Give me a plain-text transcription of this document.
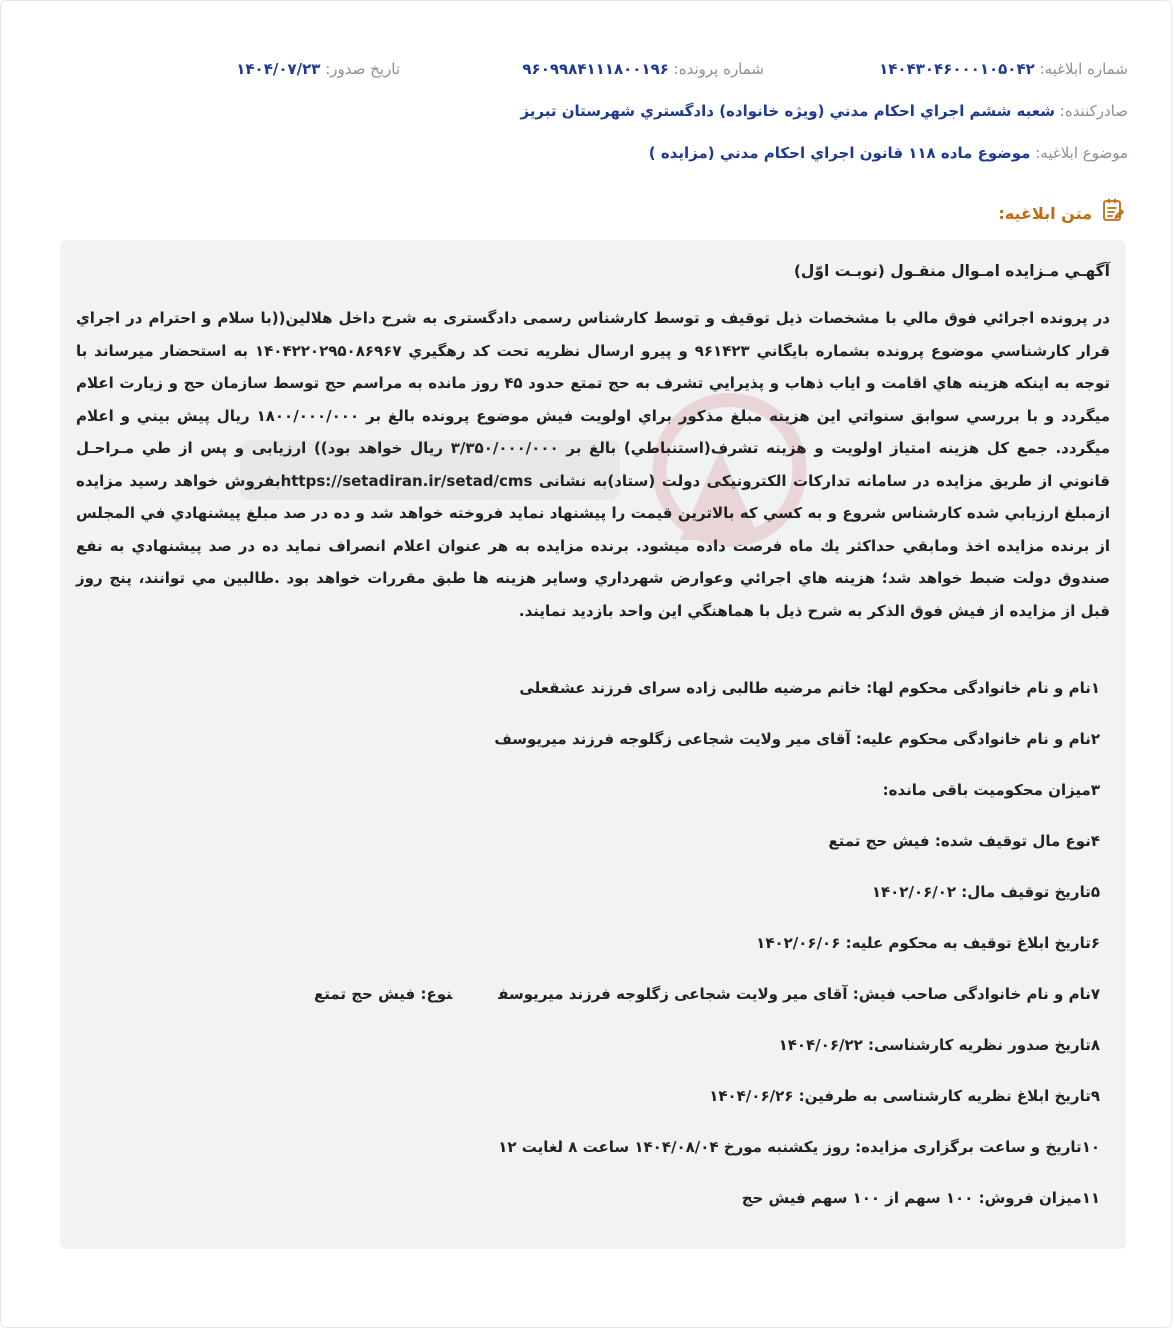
شماره ابلاغیه: ۱۴۰۴۳۰۴۶۰۰۰۱۰۵۰۴۲
شماره پرونده: ۹۶۰۹۹۸۴۱۱۱۸۰۰۱۹۶
تاریخ صدور: ۱۴۰۴/۰۷/۲۳
صادرکننده: شعبه ششم اجراي احكام مدني (ويژه خانواده) دادگستري شهرستان تبريز
موضوع ابلاغیه: موضوع ماده ۱۱۸ قانون اجراي احكام مدني (مزايده )
متن ابلاغیه:
آگهـي مـزايده امـوال منقـول (نوبـت اوّل)

در پرونده اجرائي فوق مالي با مشخصات ذيل توقيف و توسط كارشناس رسمی دادگستری به شرح داخل هلالین((با سلام و احترام در اجراي قرار كارشناسي موضوع پرونده بشماره بايگاني ۹۶۱۴۲۳ و پيرو ارسال نظريه تحت كد رهگيري ۱۴۰۴۲۲۰۲۹۵۰۸۶۹۶۷ به استحضار ميرساند با توجه به اينكه هزينه هاي اقامت و اياب ذهاب و پذيرايي تشرف به حج تمتع حدود ۴۵ روز مانده به مراسم حج توسط سازمان حج و زيارت اعلام ميگردد و با بررسي سوابق سنواتي اين هزينه مبلغ مذكور براي اولويت فيش موضوع پرونده بالغ بر ۱۸۰۰/۰۰۰/۰۰۰ ريال پيش بيني و اعلام ميگردد. جمع كل هزينه امتياز اولويت و هزينه تشرف(استنباطي) بالغ بر ۳/۳۵۰/۰۰۰/۰۰۰ ريال خواهد بود)) ارزيابی و پس از طي مـراحـل قانوني از طريق مزايده در سامانه تداركات الكترونيكی دولت (ستاد)به نشانی https://setadiran.ir/setad/cmsبفروش خواهد رسيد مزايده ازمبلغ ارزيابي شده كارشناس شروع و به كسي كه بالاترين قيمت را پيشنهاد نمايد فروخته خواهد شد و ده در صد مبلغ پيشنهادي في المجلس از برنده مزايده اخذ ومابقي حداكثر يك ماه فرصت داده ميشود. برنده مزايده به هر عنوان اعلام انصراف نمايد ده در صد پيشنهادي به نفع صندوق دولت ضبط خواهد شد؛ هزينه هاي اجرائي وعوارض شهرداري وساير هزينه ها طبق مقررات خواهد بود .طالبين مي توانند، پنج روز قبل از مزايده از فيش فوق الذكر به شرح ذيل با هماهنگي اين واحد بازديد نمايند.

۱نام و نام خانوادگی محکوم لها: خانم مرضیه طالبی زاده سرای فرزند عشقعلی
۲نام و نام خانوادگی محکوم علیه: آقای میر ولایت شجاعی زگلوجه فرزند میریوسف
۳میزان محکومیت باقی مانده:
۴نوع مال توقیف شده: فیش حج تمتع
۵تاریخ توقیف مال: ۱۴۰۲/۰۶/۰۲
۶تاریخ ابلاغ توقیف به محکوم علیه: ۱۴۰۲/۰۶/۰۶
۷نام و نام خانوادگی صاحب فیش: آقای میر ولایت شجاعی زگلوجه فرزند میریوسفنوع: فیش حج تمتع
۸تاریخ صدور نظریه کارشناسی: ۱۴۰۴/۰۶/۲۲
۹تاریخ ابلاغ نظریه کارشناسی به طرفین: ۱۴۰۴/۰۶/۲۶
۱۰تاریخ و ساعت برگزاری مزایده: روز یکشنبه مورخ ۱۴۰۴/۰۸/۰۴ ساعت ۸ لغایت ۱۲
۱۱میزان فروش: ۱۰۰ سهم از ۱۰۰ سهم فیش حج
